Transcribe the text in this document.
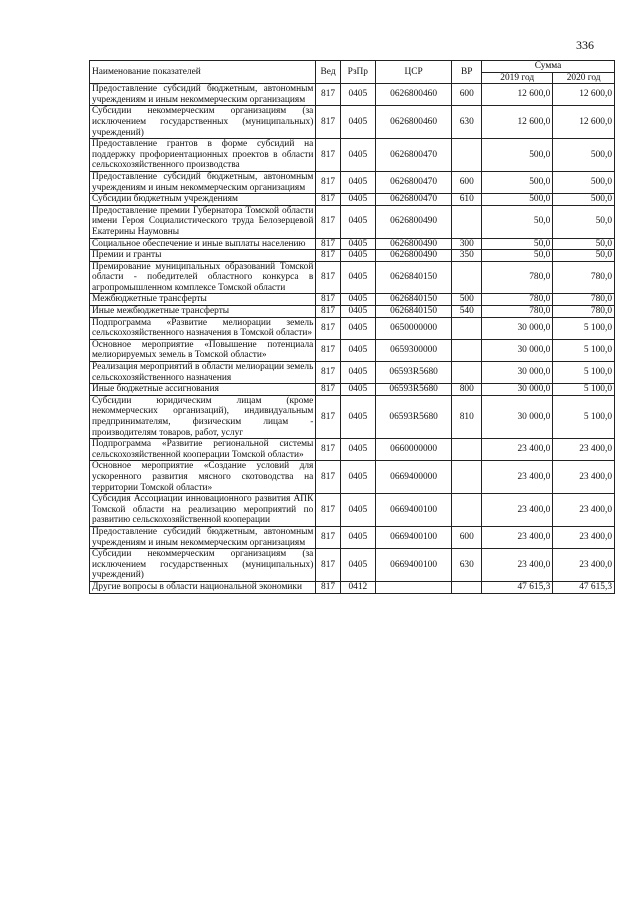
336
Наименование показателей	Вед	РзПр	ЦСР	ВР	Сумма	
					2019 год	2020 год
Предоставление субсидий бюджетным, автономным учреждениям и иным некоммерческим организациям	817	0405	0626800460	600	12 600,0	12 600,0
Субсидии некоммерческим организациям (за исключением государственных (муниципальных) учреждений)	817	0405	0626800460	630	12 600,0	12 600,0
Предоставление грантов в форме субсидий на поддержку профориентационных проектов в области сельскохозяйственного производства	817	0405	0626800470		500,0	500,0
Предоставление субсидий бюджетным, автономным учреждениям и иным некоммерческим организациям	817	0405	0626800470	600	500,0	500,0
Субсидии бюджетным учреждениям	817	0405	0626800470	610	500,0	500,0
Предоставление премии Губернатора Томской области имени Героя Социалистического труда Белозерцевой Екатерины Наумовны	817	0405	0626800490		50,0	50,0
Социальное обеспечение и иные выплаты населению	817	0405	0626800490	300	50,0	50,0
Премии и гранты	817	0405	0626800490	350	50,0	50,0
Премирование муниципальных образований Томской области - победителей областного конкурса в агропромышленном комплексе Томской области	817	0405	0626840150		780,0	780,0
Межбюджетные трансферты	817	0405	0626840150	500	780,0	780,0
Иные межбюджетные трансферты	817	0405	0626840150	540	780,0	780,0
Подпрограмма «Развитие мелиорации земель сельскохозяйственного назначения в Томской области»	817	0405	0650000000		30 000,0	5 100,0
Основное мероприятие «Повышение потенциала мелиорируемых земель в Томской области»	817	0405	0659300000		30 000,0	5 100,0
Реализация мероприятий в области мелиорации земель сельскохозяйственного назначения	817	0405	06593R5680		30 000,0	5 100,0
Иные бюджетные ассигнования	817	0405	06593R5680	800	30 000,0	5 100,0
Субсидии юридическим лицам (кроме некоммерческих организаций), индивидуальным предпринимателям, физическим лицам - производителям товаров, работ, услуг	817	0405	06593R5680	810	30 000,0	5 100,0
Подпрограмма «Развитие региональной системы сельскохозяйственной кооперации Томской области»	817	0405	0660000000		23 400,0	23 400,0
Основное мероприятие «Создание условий для ускоренного развития мясного скотоводства на территории Томской области»	817	0405	0669400000		23 400,0	23 400,0
Субсидия Ассоциации инновационного развития АПК Томской области на реализацию мероприятий по развитию сельскохозяйственной кооперации	817	0405	0669400100		23 400,0	23 400,0
Предоставление субсидий бюджетным, автономным учреждениям и иным некоммерческим организациям	817	0405	0669400100	600	23 400,0	23 400,0
Субсидии некоммерческим организациям (за исключением государственных (муниципальных) учреждений)	817	0405	0669400100	630	23 400,0	23 400,0
Другие вопросы в области национальной экономики	817	0412			47 615,3	47 615,3
